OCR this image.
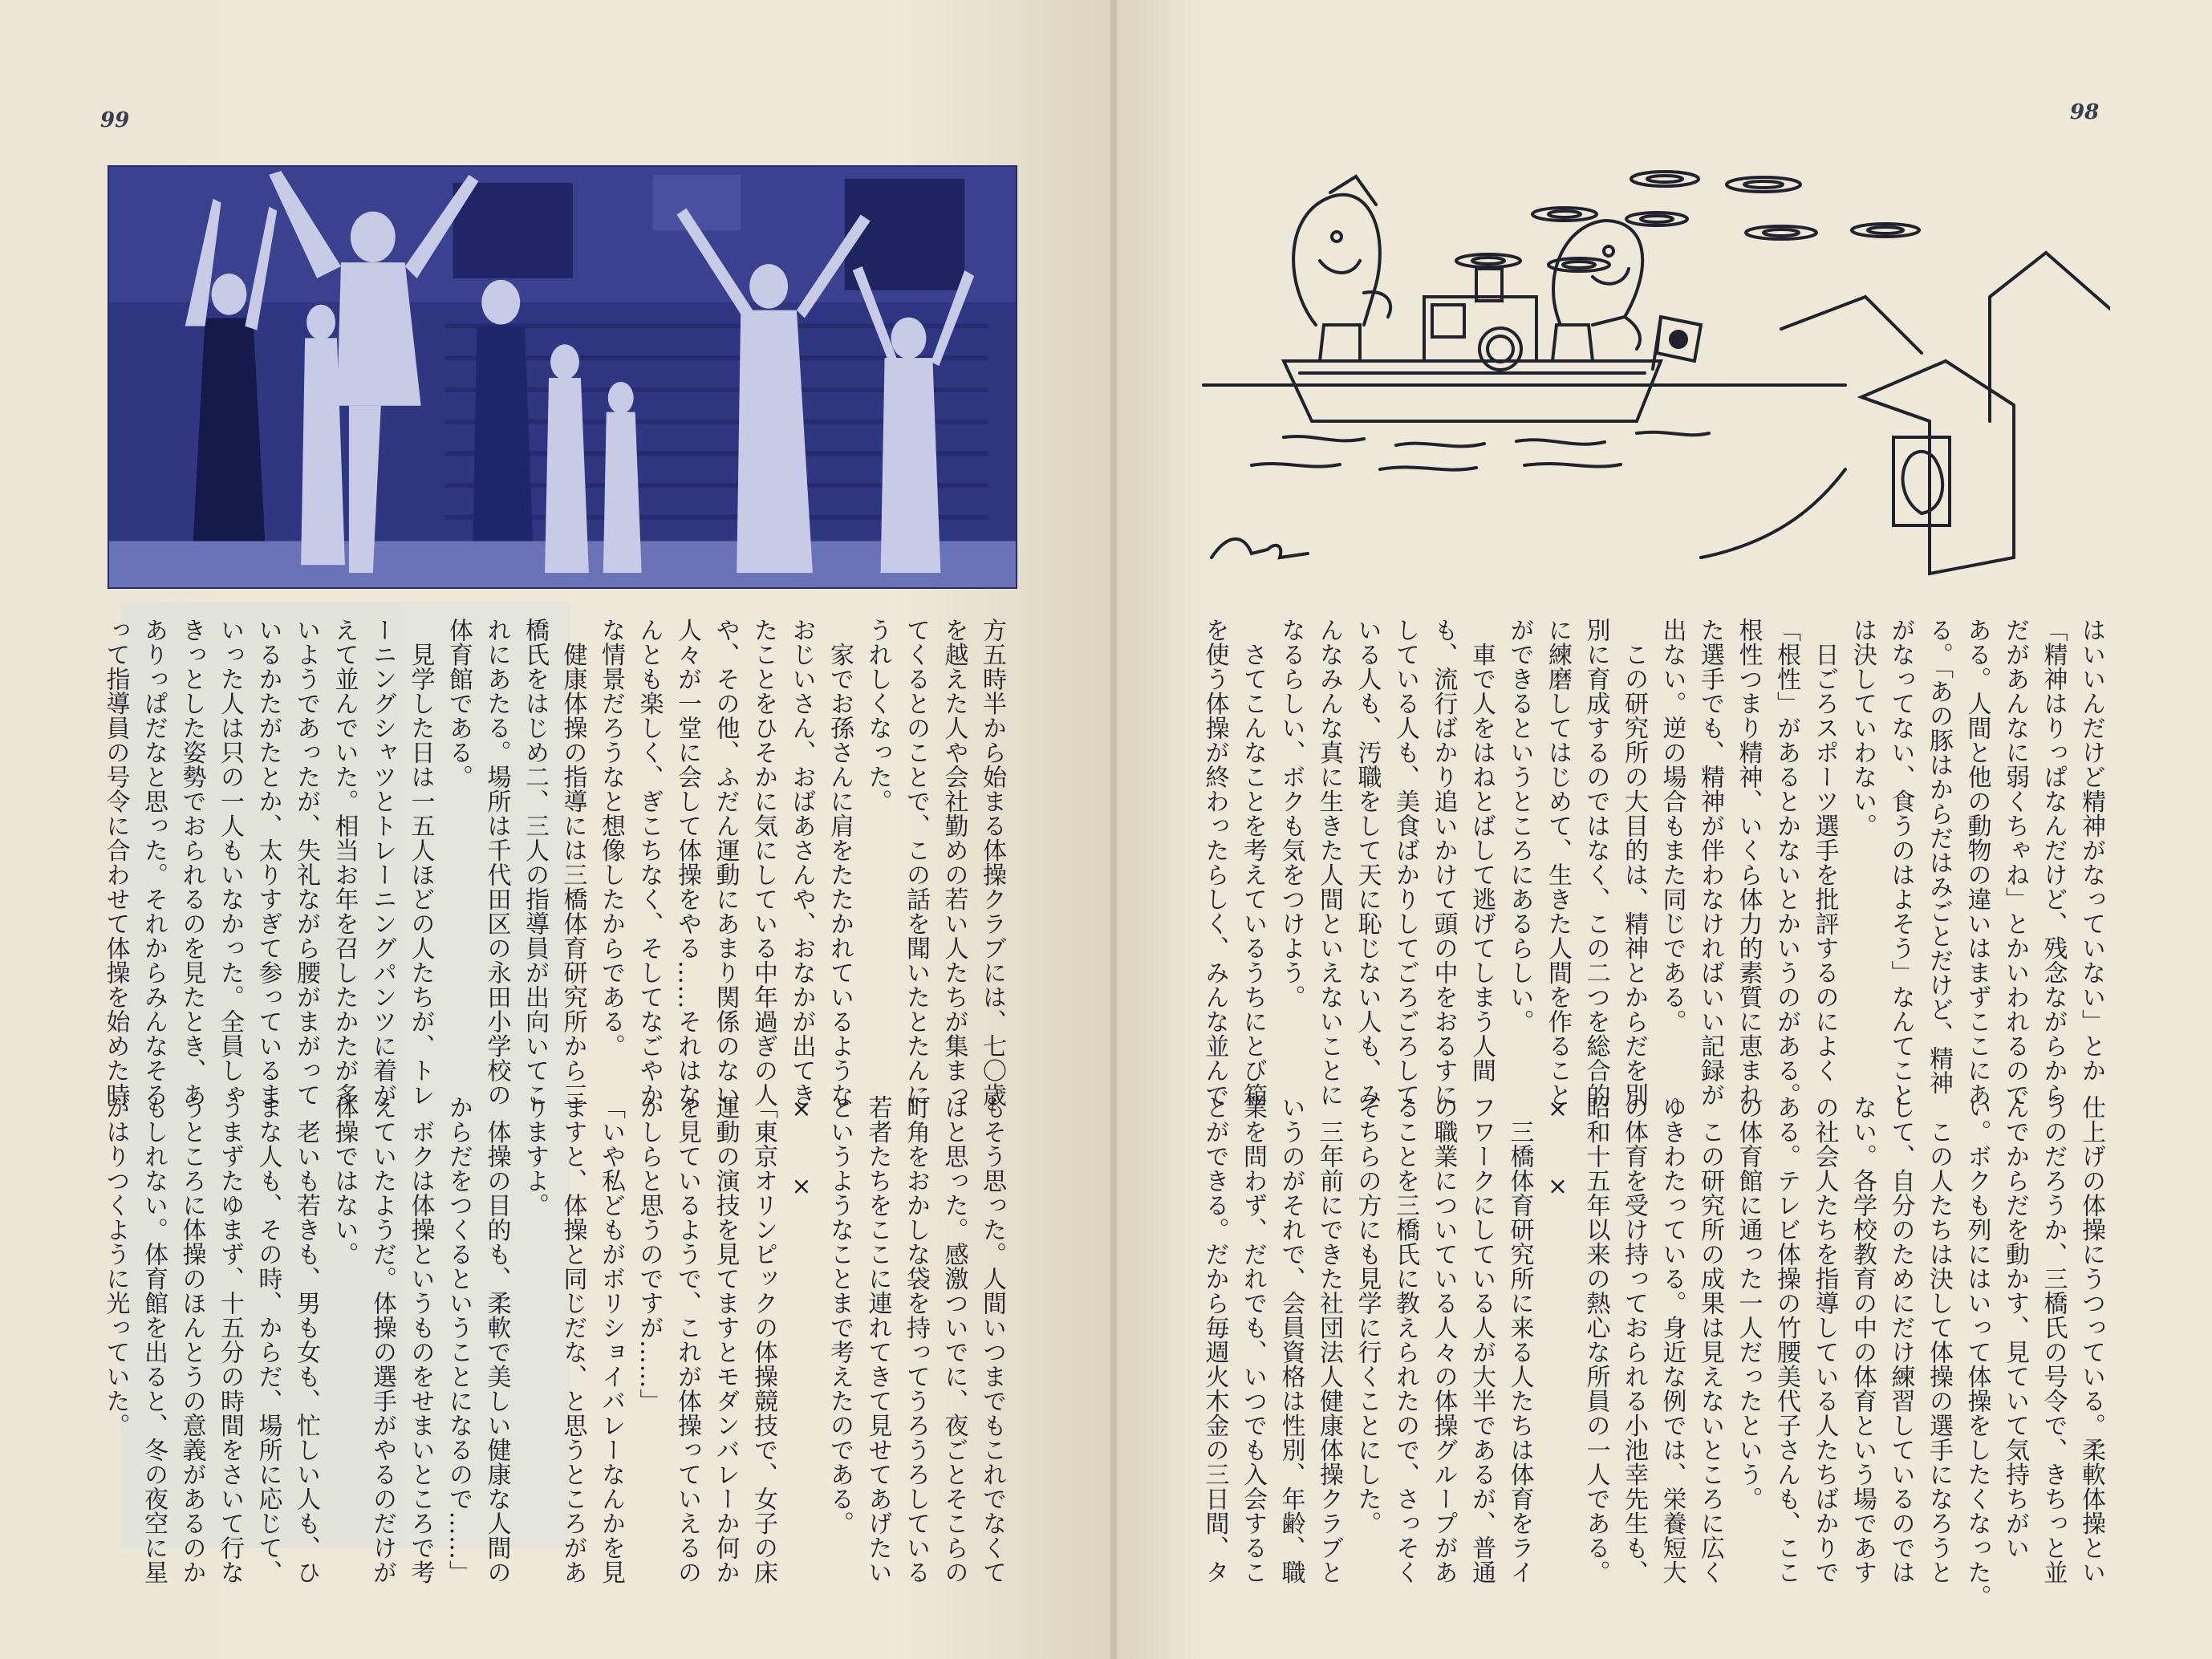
99

方五時半から始まる体操クラブには、七〇歳

を越えた人や会社勤めの若い人たちが集まっ

てくるとのことで、この話を聞いたとたんに

うれしくなった。

　家でお孫さんに肩をたたかれているような

おじいさん、おばあさんや、おなかが出てき

たことをひそかに気にしている中年過ぎの人

や、その他、ふだん運動にあまり関係のない

人々が一堂に会して体操をやる……それはな

んとも楽しく、ぎこちなく、そしてなごやか

な情景だろうなと想像したからである。

　健康体操の指導には三橋体育研究所から三

橋氏をはじめ二、三人の指導員が出向いてこ

れにあたる。場所は千代田区の永田小学校の

体育館である。

　見学した日は一五人ほどの人たちが、トレ

ーニングシャツとトレーニングパンツに着が

えて並んでいた。相当お年を召したかたが多

いようであったが、失礼ながら腰がまがって

いるかたがたとか、太りすぎて参っているま

いった人は只の一人もいなかった。全員しゃ

きっとした姿勢でおられるのを見たとき、あ

ありっぱだなと思った。それからみんなそろ

って指導員の号令に合わせて体操を始めた時

もそう思った。人間いつまでもこれでなくて

はと思った。感激ついでに、夜ごとそこらの

町角をおかしな袋を持ってうろうろしている

若者たちをここに連れてきて見せてあげたい

というようなことまで考えたのである。

×　　×

「東京オリンピックの体操競技で、女子の床

運動の演技を見てますとモダンバレーか何か

を見ているようで、これが体操っていえるの

かしらと思うのですが……」

「いや私どもがボリショイバレーなんかを見

ますと、体操と同じだな、と思うところがあ

りますよ。

　体操の目的も、柔軟で美しい健康な人間の

からだをつくるということになるので……」

　ボクは体操というものをせまいところで考

えていたようだ。体操の選手がやるのだけが

体操ではない。

　老いも若きも、男も女も、忙しい人も、ひ

まな人も、その時、からだ、場所に応じて、

うまずたゆまず、十五分の時間をさいて行な

うところに体操のほんとうの意義があるのか

もしれない。体育館を出ると、冬の夜空に星

がはりつくように光っていた。

98

はいいんだけど精神がなっていない」とか

「精神はりっぱなんだけど、残念ながらから

だがあんなに弱くちゃね」とかいわれるので

ある。人間と他の動物の違いはまずここにあ

る。「あの豚はからだはみごとだけど、精神

がなってない、食うのはよそう」なんてこと

は決していわない。

　日ごろスポーツ選手を批評するのによく

「根性」があるとかないとかいうのがある。

根性つまり精神、いくら体力的素質に恵まれ

た選手でも、精神が伴わなければいい記録が

出ない。逆の場合もまた同じである。

　この研究所の大目的は、精神とからだを別

別に育成するのではなく、この二つを総合的

に練磨してはじめて、生きた人間を作ること

ができるというところにあるらしい。

　車で人をはねとばして逃げてしまう人間

も、流行ばかり追いかけて頭の中をおるすに

している人も、美食ばかりしてごろごろして

いる人も、汚職をして天に恥じない人も、み

んなみんな真に生きた人間といえないことに

なるらしい、ボクも気をつけよう。

　さてこんなことを考えているうちにとび箱

を使う体操が終わったらしく、みんな並んで

仕上げの体操にうつっている。柔軟体操とい

うのだろうか、三橋氏の号令で、きちっと並

んでからだを動かす、見ていて気持ちがい

い。ボクも列にはいって体操をしたくなった。

　この人たちは決して体操の選手になろうと

して、自分のためにだけ練習しているのでは

ない。各学校教育の中の体育という場であす

の社会人たちを指導している人たちばかりで

ある。テレビ体操の竹腰美代子さんも、ここ

の体育館に通った一人だったという。

　この研究所の成果は見えないところに広く

ゆきわたっている。身近な例では、栄養短大

の体育を受け持っておられる小池幸先生も、

昭和十五年以来の熱心な所員の一人である。

×　　×

　三橋体育研究所に来る人たちは体育をライ

フワークにしている人が大半であるが、普通

の職業についている人々の体操グループがあ

ることを三橋氏に教えられたので、さっそく

そちらの方にも見学に行くことにした。

　三年前にできた社団法人健康体操クラブと

いうのがそれで、会員資格は性別、年齢、職

業を問わず、だれでも、いつでも入会するこ

とができる。だから毎週火木金の三日間、タ
